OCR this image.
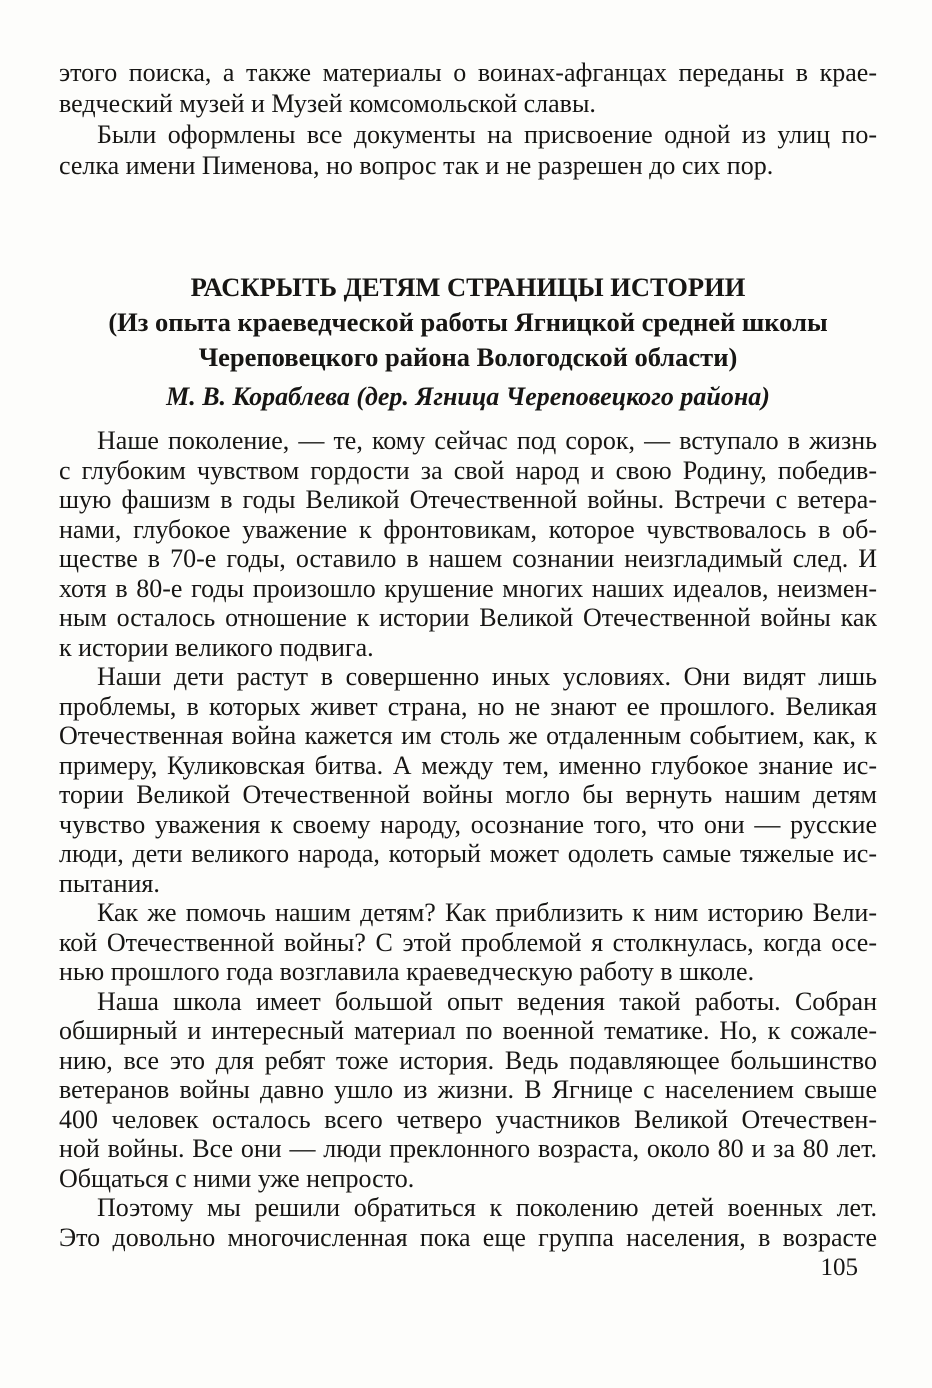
этого поиска, а также материалы о воинах-афганцах переданы в крае-
ведческий музей и Музей комсомольской славы.
Были оформлены все документы на присвоение одной из улиц по-
селка имени Пименова, но вопрос так и не разрешен до сих пор.
РАСКРЫТЬ ДЕТЯМ СТРАНИЦЫ ИСТОРИИ
(Из опыта краеведческой работы Ягницкой средней школы
Череповецкого района Вологодской области)
М. В. Кораблева (дер. Ягница Череповецкого района)
Наше поколение, — те, кому сейчас под сорок, — вступало в жизнь
с глубоким чувством гордости за свой народ и свою Родину, победив-
шую фашизм в годы Великой Отечественной войны. Встречи с ветера-
нами, глубокое уважение к фронтовикам, которое чувствовалось в об-
ществе в 70-е годы, оставило в нашем сознании неизгладимый след. И
хотя в 80-е годы произошло крушение многих наших идеалов, неизмен-
ным осталось отношение к истории Великой Отечественной войны как
к истории великого подвига.
Наши дети растут в совершенно иных условиях. Они видят лишь
проблемы, в которых живет страна, но не знают ее прошлого. Великая
Отечественная война кажется им столь же отдаленным событием, как, к
примеру, Куликовская битва. А между тем, именно глубокое знание ис-
тории Великой Отечественной войны могло бы вернуть нашим детям
чувство уважения к своему народу, осознание того, что они — русские
люди, дети великого народа, который может одолеть самые тяжелые ис-
пытания.
Как же помочь нашим детям? Как приблизить к ним историю Вели-
кой Отечественной войны? С этой проблемой я столкнулась, когда осе-
нью прошлого года возглавила краеведческую работу в школе.
Наша школа имеет большой опыт ведения такой работы. Собран
обширный и интересный материал по военной тематике. Но, к сожале-
нию, все это для ребят тоже история. Ведь подавляющее большинство
ветеранов войны давно ушло из жизни. В Ягнице с населением свыше
400 человек осталось всего четверо участников Великой Отечествен-
ной войны. Все они — люди преклонного возраста, около 80 и за 80 лет.
Общаться с ними уже непросто.
Поэтому мы решили обратиться к поколению детей военных лет.
Это довольно многочисленная пока еще группа населения, в возрасте
105
